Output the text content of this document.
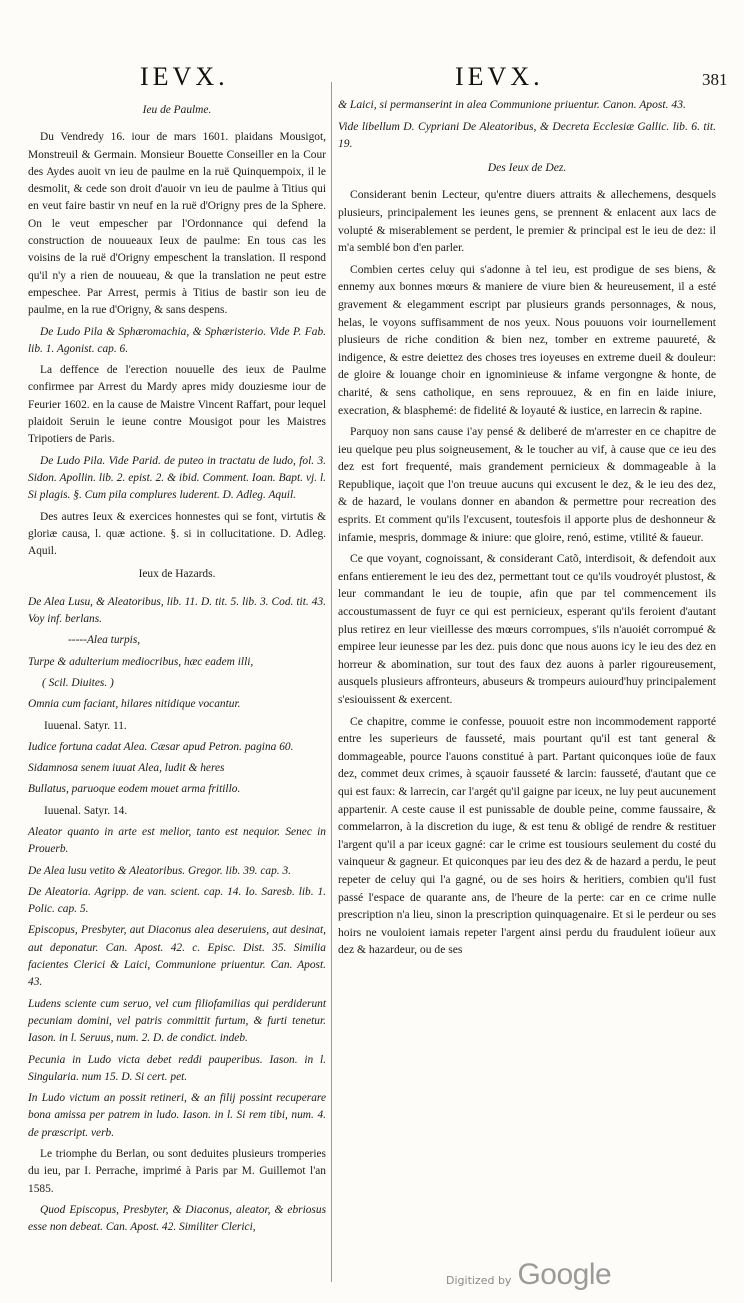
IEVX.	IEVX.	381
Ieu de Paulme.

Du Vendredy 16. iour de mars 1601. plaidans Mousigot, Monstreuil & Germain. Monsieur Bouette Conseiller en la Cour des Aydes auoit vn ieu de paulme en la ruë Quinquempoix, il le desmolit, & cede son droit d'auoir vn ieu de paulme à Titius qui en veut faire bastir vn neuf en la ruë d'Origny pres de la Sphere. On le veut empescher par l'Ordonnance qui defend la construction de nouueaux Ieux de paulme: En tous cas les voisins de la ruë d'Origny empeschent la translation. Il respond qu'il n'y a rien de nouueau, & que la translation ne peut estre empeschee. Par Arrest, permis à Titius de bastir son ieu de paulme, en la rue d'Origny, & sans despens.

De Ludo Pila & Sphæromachia, & Sphæristerio. Vide P. Fab. lib. 1. Agonist. cap. 6.

La deffence de l'erection nouuelle des ieux de Paulme confirmee par Arrest du Mardy apres midy douziesme iour de Feurier 1602. en la cause de Maistre Vincent Raffart, pour lequel plaidoit Seruin le ieune contre Mousigot pour les Maistres Tripotiers de Paris.

De Ludo Pila. Vide Parid. de puteo in tractatu de ludo, fol. 3. Sidon. Apollin. lib. 2. epist. 2. & ibid. Comment. Ioan. Bapt. vj. l. Si plagis. §. Cum pila complures luderent. D. Adleg. Aquil.

Des autres Ieux & exercices honnestes qui se font, virtutis & gloriæ causa, l. quæ actione. §. si in collucitatione. D. Adleg. Aquil.

Ieux de Hazards.

De Alea Lusu, & Aleatoribus, lib. 11. D. tit. 5. lib. 3. Cod. tit. 43. Voy inf. berlans.

-----Alea turpis,

Turpe & adulterium mediocribus, hæc eadem illi,

( Scil. Diuites. )

Omnia cum faciant, hilares nitidique vocantur.

Iuuenal. Satyr. 11.

Iudice fortuna cadat Alea. Cæsar apud Petron. pagina 60.

Sidamnosa senem iuuat Alea, ludit & heres

Bullatus, paruoque eodem mouet arma fritillo.

Iuuenal. Satyr. 14.

Aleator quanto in arte est melior, tanto est nequior. Senec in Prouerb.

De Alea lusu vetito & Aleatoribus. Gregor. lib. 39. cap. 3.

De Aleatoria. Agripp. de van. scient. cap. 14. Io. Saresb. lib. 1. Polic. cap. 5.

Episcopus, Presbyter, aut Diaconus alea deseruiens, aut desinat, aut deponatur. Can. Apost. 42. c. Episc. Dist. 35. Similia facientes Clerici & Laici, Communione priuentur. Can. Apost. 43.

Ludens sciente cum seruo, vel cum filiofamilias qui perdiderunt pecuniam domini, vel patris committit furtum, & furti tenetur. Iason. in l. Seruus, num. 2. D. de condict. indeb.

Pecunia in Ludo victa debet reddi pauperibus. Iason. in l. Singularia. num 15. D. Si cert. pet.

In Ludo victum an possit retineri, & an filij possint recuperare bona amissa per patrem in ludo. Iason. in l. Si rem tibi, num. 4. de præscript. verb.

Le triomphe du Berlan, ou sont deduites plusieurs tromperies du ieu, par I. Perrache, imprimé à Paris par M. Guillemot l'an 1585.

Quod Episcopus, Presbyter, & Diaconus, aleator, & ebriosus esse non debeat. Can. Apost. 42. Similiter Clerici,

& Laici, si permanserint in alea Communione priuentur. Canon. Apost. 43.

Vide libellum D. Cypriani De Aleatoribus, & Decreta Ecclesiæ Gallic. lib. 6. tit. 19.

Des Ieux de Dez.

Considerant benin Lecteur, qu'entre diuers attraits & allechemens, desquels plusieurs, principalement les ieunes gens, se prennent & enlacent aux lacs de volupté & miserablement se perdent, le premier & principal est le ieu de dez: il m'a semblé bon d'en parler.

Combien certes celuy qui s'adonne à tel ieu, est prodigue de ses biens, & ennemy aux bonnes mœurs & maniere de viure bien & heureusement, il a esté gravement & elegamment escript par plusieurs grands personnages, & nous, helas, le voyons suffisamment de nos yeux. Nous pouuons voir iournellement plusieurs de riche condition & bien nez, tomber en extreme pauureté, & indigence, & estre deiettez des choses tres ioyeuses en extreme dueil & douleur: de gloire & louange choir en ignominieuse & infame vergongne & honte, de charité, & sens catholique, en sens reprouuez, & en fin en laide iniure, execration, & blasphemé: de fidelité & loyauté & iustice, en larrecin & rapine.

Parquoy non sans cause i'ay pensé & deliberé de m'arrester en ce chapitre de ieu quelque peu plus soigneusement, & le toucher au vif, à cause que ce ieu des dez est fort frequenté, mais grandement pernicieux & dommageable à la Republique, iaçoit que l'on treuue aucuns qui excusent le dez, & le ieu des dez, & de hazard, le voulans donner en abandon & permettre pour recreation des esprits. Et comment qu'ils l'excusent, toutesfois il apporte plus de deshonneur & infamie, mespris, dommage & iniure: que gloire, renó, estime, vtilité & faueur.

Ce que voyant, cognoissant, & considerant Catõ, interdisoit, & defendoit aux enfans entierement le ieu des dez, permettant tout ce qu'ils voudroyét plustost, & leur commandant le ieu de toupie, afin que par tel commencement ils accoustumassent de fuyr ce qui est pernicieux, esperant qu'ils feroient d'autant plus retirez en leur vieillesse des mœurs corrompues, s'ils n'auoiét corrompué & empiree leur ieunesse par les dez. puis donc que nous auons icy le ieu des dez en horreur & abomination, sur tout des faux dez auons à parler rigoureusement, ausquels plusieurs affronteurs, abuseurs & trompeurs auiourd'huy principalement s'esiouissent & exercent.

Ce chapitre, comme ie confesse, pouuoit estre non incommodement rapporté entre les superieurs de fausseté, mais pourtant qu'il est tant general & dommageable, pource l'auons constitué à part. Partant quiconques ioüe de faux dez, commet deux crimes, à sçauoir fausseté & larcin: fausseté, d'autant que ce qui est faux: & larrecin, car l'argét qu'il gaigne par iceux, ne luy peut aucunement appartenir. A ceste cause il est punissable de double peine, comme faussaire, & commelarron, à la discretion du iuge, & est tenu & obligé de rendre & restituer l'argent qu'il a par iceux gagné: car le crime est tousiours seulement du costé du vainqueur & gagneur. Et quiconques par ieu des dez & de hazard a perdu, le peut repeter de celuy qui l'a gagné, ou de ses hoirs & heritiers, combien qu'il fust passé l'espace de quarante ans, de l'heure de la perte: car en ce crime nulle prescription n'a lieu, sinon la prescription quinquagenaire. Et si le perdeur ou ses hoirs ne vouloient iamais repeter l'argent ainsi perdu du fraudulent ioüeur aux dez & hazardeur, ou de ses

Digitized by Google
